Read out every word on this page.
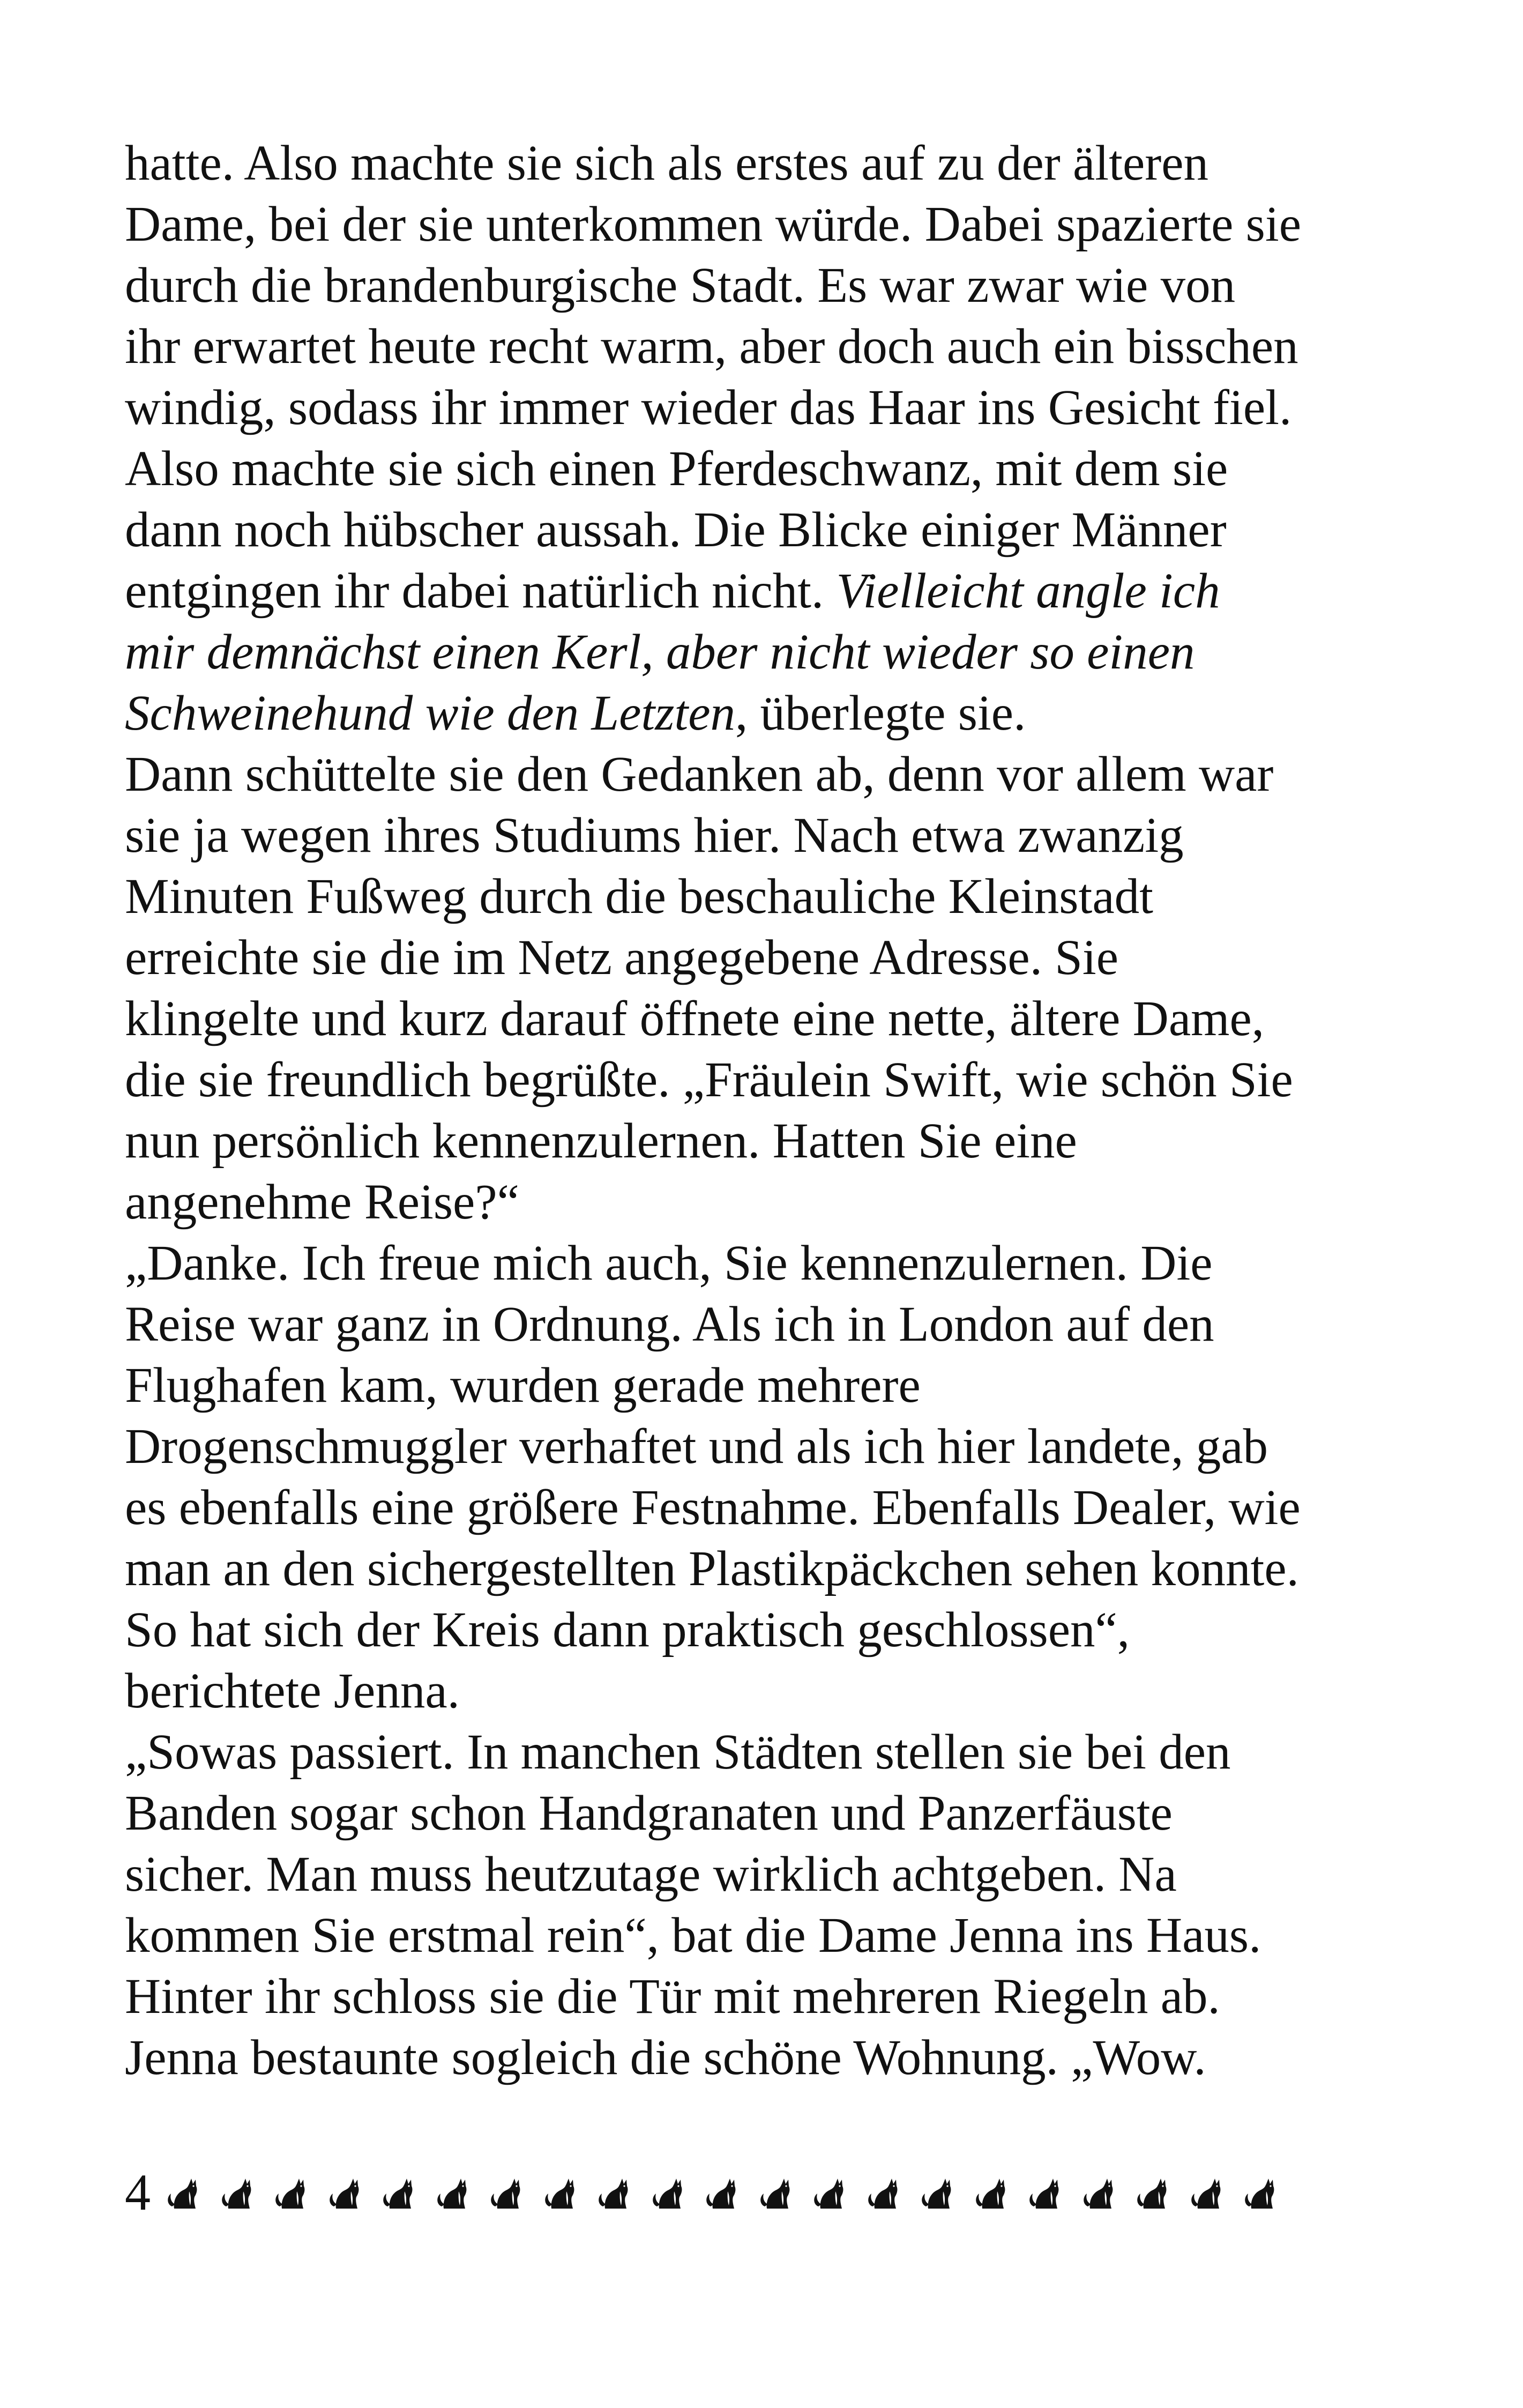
hatte. Also machte sie sich als erstes auf zu der älteren
Dame, bei der sie unterkommen würde. Dabei spazierte sie
durch die brandenburgische Stadt. Es war zwar wie von
ihr erwartet heute recht warm, aber doch auch ein bisschen
windig, sodass ihr immer wieder das Haar ins Gesicht fiel.
Also machte sie sich einen Pferdeschwanz, mit dem sie
dann noch hübscher aussah. Die Blicke einiger Männer
entgingen ihr dabei natürlich nicht. Vielleicht angle ich
mir demnächst einen Kerl, aber nicht wieder so einen
Schweinehund wie den Letzten, überlegte sie.
Dann schüttelte sie den Gedanken ab, denn vor allem war
sie ja wegen ihres Studiums hier. Nach etwa zwanzig
Minuten Fußweg durch die beschauliche Kleinstadt
erreichte sie die im Netz angegebene Adresse. Sie
klingelte und kurz darauf öffnete eine nette, ältere Dame,
die sie freundlich begrüßte. „Fräulein Swift, wie schön Sie
nun persönlich kennenzulernen. Hatten Sie eine
angenehme Reise?“
„Danke. Ich freue mich auch, Sie kennenzulernen. Die
Reise war ganz in Ordnung. Als ich in London auf den
Flughafen kam, wurden gerade mehrere
Drogenschmuggler verhaftet und als ich hier landete, gab
es ebenfalls eine größere Festnahme. Ebenfalls Dealer, wie
man an den sichergestellten Plastikpäckchen sehen konnte.
So hat sich der Kreis dann praktisch geschlossen“,
berichtete Jenna.
„Sowas passiert. In manchen Städten stellen sie bei den
Banden sogar schon Handgranaten und Panzerfäuste
sicher. Man muss heutzutage wirklich achtgeben. Na
kommen Sie erstmal rein“, bat die Dame Jenna ins Haus.
Hinter ihr schloss sie die Tür mit mehreren Riegeln ab.
Jenna bestaunte sogleich die schöne Wohnung. „Wow.
4
